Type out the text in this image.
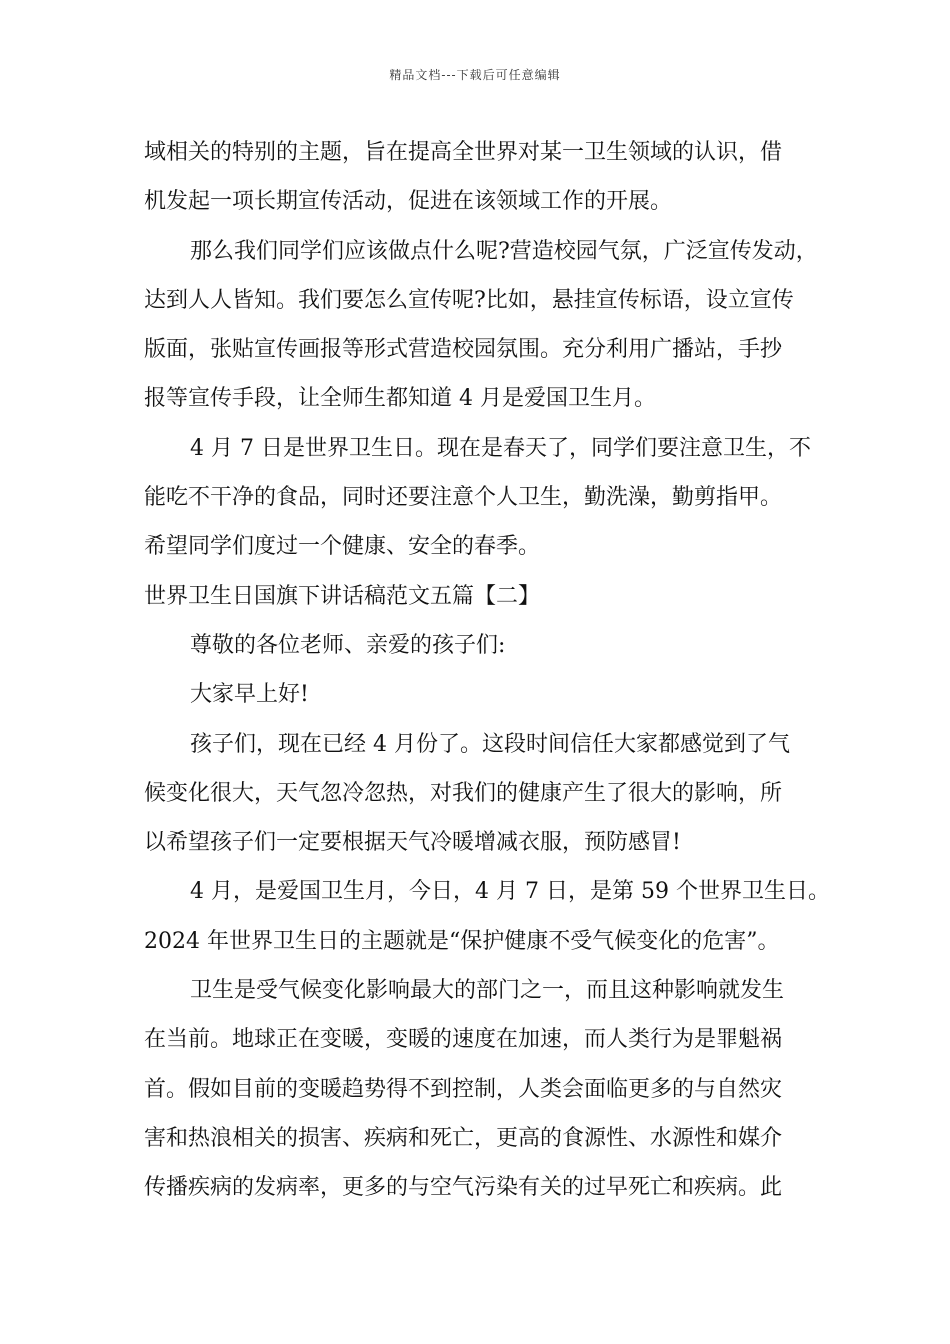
精品文档---下载后可任意编辑
域相关的特别的主题，旨在提高全世界对某一卫生领域的认识，借
机发起一项长期宣传活动，促进在该领域工作的开展。
那么我们同学们应该做点什么呢?营造校园气氛，广泛宣传发动，
达到人人皆知。我们要怎么宣传呢?比如，悬挂宣传标语，设立宣传
版面，张贴宣传画报等形式营造校园氛围。充分利用广播站，手抄
报等宣传手段，让全师生都知道 4 月是爱国卫生月。
4 月 7 日是世界卫生日。现在是春天了，同学们要注意卫生，不
能吃不干净的食品，同时还要注意个人卫生，勤洗澡，勤剪指甲。
希望同学们度过一个健康、安全的春季。
世界卫生日国旗下讲话稿范文五篇【二】
尊敬的各位老师、亲爱的孩子们:
大家早上好!
孩子们，现在已经 4 月份了。这段时间信任大家都感觉到了气
候变化很大，天气忽冷忽热，对我们的健康产生了很大的影响，所
以希望孩子们一定要根据天气冷暖增减衣服，预防感冒!
4 月，是爱国卫生月，今日，4 月 7 日，是第 59 个世界卫生日。
2024 年世界卫生日的主题就是“保护健康不受气候变化的危害”。
卫生是受气候变化影响最大的部门之一，而且这种影响就发生
在当前。地球正在变暖，变暖的速度在加速，而人类行为是罪魁祸
首。假如目前的变暖趋势得不到控制，人类会面临更多的与自然灾
害和热浪相关的损害、疾病和死亡，更高的食源性、水源性和媒介
传播疾病的发病率，更多的与空气污染有关的过早死亡和疾病。此
